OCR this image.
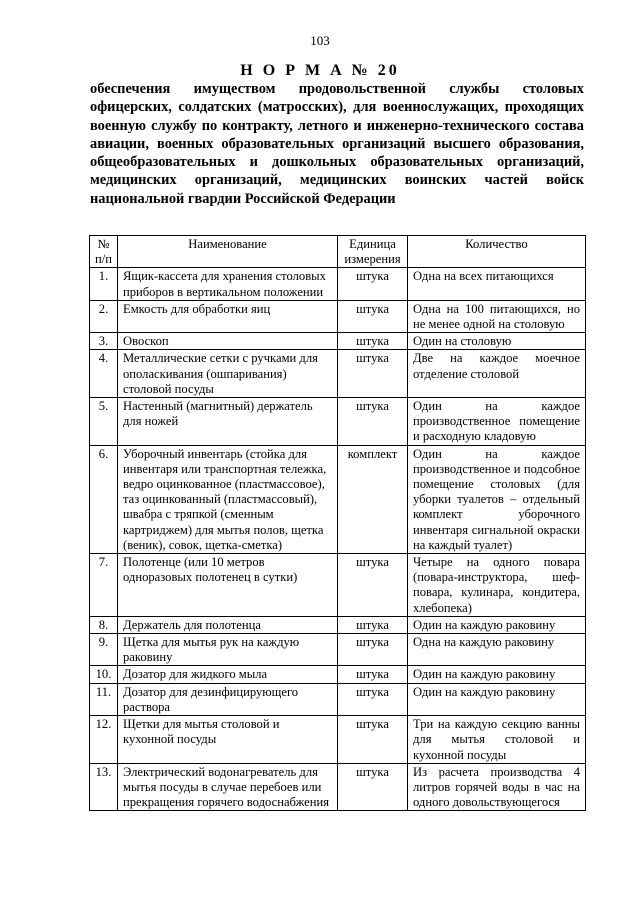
103
Н О Р М А № 20
обеспечения имуществом продовольственной службы столовых офицерских, солдатских (матросских), для военнослужащих, проходящих военную службу по контракту, летного и инженерно-технического состава авиации, военных образовательных организаций высшего образования, общеобразовательных и дошкольных образовательных организаций, медицинских организаций, медицинских воинских частей войск национальной гвардии Российской Федерации
№ п/п	Наименование	Единица измерения	Количество
1.	Ящик-кассета для хранения столовых приборов в вертикальном положении	штука	Одна на всех питающихся
2.	Емкость для обработки яиц	штука	Одна на 100 питающихся, но не менее одной на столовую
3.	Овоскоп	штука	Один на столовую
4.	Металлические сетки с ручками для ополаскивания (ошпаривания) столовой посуды	штука	Две на каждое моечное отделение столовой
5.	Настенный (магнитный) держатель для ножей	штука	Один на каждое производственное помещение и расходную кладовую
6.	Уборочный инвентарь (стойка для инвентаря или транспортная тележка, ведро оцинкованное (пластмассовое), таз оцинкованный (пластмассовый), швабра с тряпкой (сменным картриджем) для мытья полов, щетка (веник), совок, щетка-сметка)	комплект	Один на каждое производственное и подсобное помещение столовых (для уборки туалетов – отдельный комплект уборочного инвентаря сигнальной окраски на каждый туалет)
7.	Полотенце (или 10 метров одноразовых полотенец в сутки)	штука	Четыре на одного повара (повара-инструктора, шеф-повара, кулинара, кондитера, хлебопека)
8.	Держатель для полотенца	штука	Один на каждую раковину
9.	Щетка для мытья рук на каждую раковину	штука	Одна на каждую раковину
10.	Дозатор для жидкого мыла	штука	Один на каждую раковину
11.	Дозатор для дезинфицирующего раствора	штука	Один на каждую раковину
12.	Щетки для мытья столовой и кухонной посуды	штука	Три на каждую секцию ванны для мытья столовой и кухонной посуды
13.	Электрический водонагреватель для мытья посуды в случае перебоев или прекращения горячего водоснабжения	штука	Из расчета производства 4 литров горячей воды в час на одного довольствующегося
